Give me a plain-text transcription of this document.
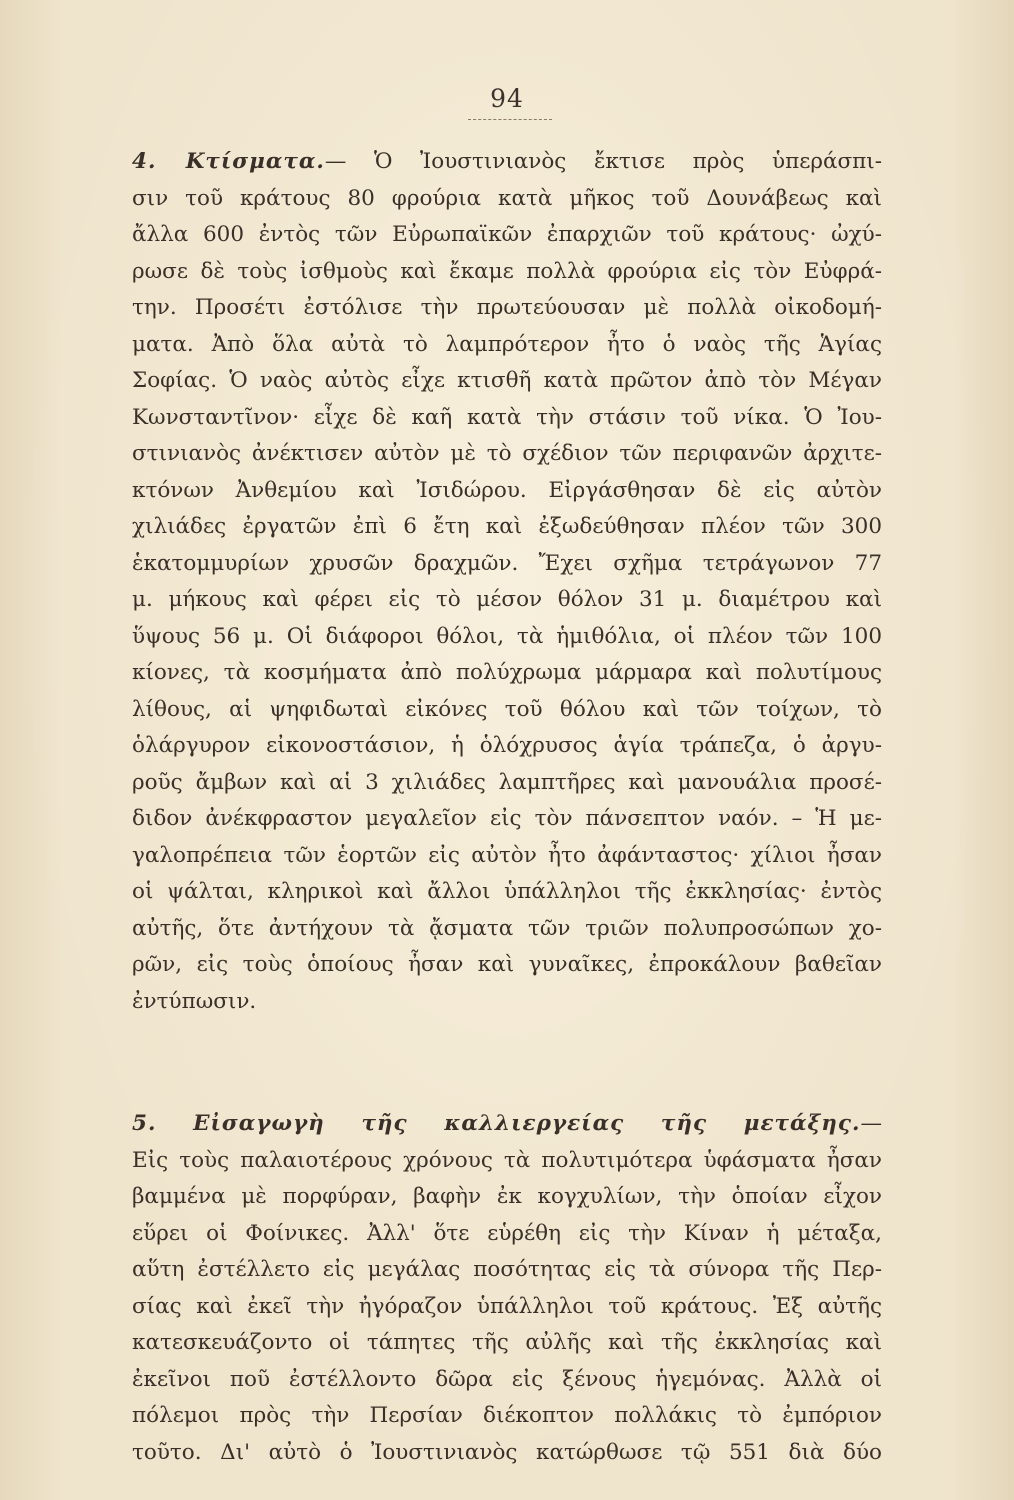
94
4. Κτίσματα.— Ὁ Ἰουστινιανὸς ἔκτισε πρὸς ὑπεράσπι-
σιν τοῦ κράτους 80 φρούρια κατὰ μῆκος τοῦ Δουνάβεως καὶ
ἄλλα 600 ἐντὸς τῶν Εὐρωπαϊκῶν ἐπαρχιῶν τοῦ κράτους· ὠχύ-
ρωσε δὲ τοὺς ἰσθμοὺς καὶ ἔκαμε πολλὰ φρούρια εἰς τὸν Εὐφρά-
την. Προσέτι ἐστόλισε τὴν πρωτεύουσαν μὲ πολλὰ οἰκοδομή-
ματα. Ἀπὸ ὅλα αὐτὰ τὸ λαμπρότερον ἦτο ὁ ναὸς τῆς Ἁγίας
Σοφίας. Ὁ ναὸς αὐτὸς εἶχε κτισθῆ κατὰ πρῶτον ἀπὸ τὸν Μέγαν
Κωνσταντῖνον· εἶχε δὲ καῆ κατὰ τὴν στάσιν τοῦ νίκα. Ὁ Ἰου-
στινιανὸς ἀνέκτισεν αὐτὸν μὲ τὸ σχέδιον τῶν περιφανῶν ἀρχιτε-
κτόνων Ἀνθεμίου καὶ Ἰσιδώρου. Εἰργάσθησαν δὲ εἰς αὐτὸν
χιλιάδες ἐργατῶν ἐπὶ 6 ἔτη καὶ ἐξωδεύθησαν πλέον τῶν 300
ἑκατομμυρίων χρυσῶν δραχμῶν. Ἔχει σχῆμα τετράγωνον 77
μ. μήκους καὶ φέρει εἰς τὸ μέσον θόλον 31 μ. διαμέτρου καὶ
ὕψους 56 μ. Οἱ διάφοροι θόλοι, τὰ ἡμιθόλια, οἱ πλέον τῶν 100
κίονες, τὰ κοσμήματα ἀπὸ πολύχρωμα μάρμαρα καὶ πολυτίμους
λίθους, αἱ ψηφιδωταὶ εἰκόνες τοῦ θόλου καὶ τῶν τοίχων, τὸ
ὁλάργυρον εἰκονοστάσιον, ἡ ὁλόχρυσος ἁγία τράπεζα, ὁ ἀργυ-
ροῦς ἄμβων καὶ αἱ 3 χιλιάδες λαμπτῆρες καὶ μανουάλια προσέ-
διδον ἀνέκφραστον μεγαλεῖον εἰς τὸν πάνσεπτον ναόν. – Ἡ με-
γαλοπρέπεια τῶν ἑορτῶν εἰς αὐτὸν ἦτο ἀφάνταστος· χίλιοι ἦσαν
οἱ ψάλται, κληρικοὶ καὶ ἄλλοι ὑπάλληλοι τῆς ἐκκλησίας· ἐντὸς
αὐτῆς, ὅτε ἀντήχουν τὰ ᾄσματα τῶν τριῶν πολυπροσώπων χο-
ρῶν, εἰς τοὺς ὁποίους ἦσαν καὶ γυναῖκες, ἐπροκάλουν βαθεῖαν
ἐντύπωσιν.
5. Εἰσαγωγὴ τῆς καλλιεργείας τῆς μετάξης.—
Εἰς τοὺς παλαιοτέρους χρόνους τὰ πολυτιμότερα ὑφάσματα ἦσαν
βαμμένα μὲ πορφύραν, βαφὴν ἐκ κογχυλίων, τὴν ὁποίαν εἶχον
εὕρει οἱ Φοίνικες. Ἀλλ' ὅτε εὑρέθη εἰς τὴν Κίναν ἡ μέταξα,
αὕτη ἐστέλλετο εἰς μεγάλας ποσότητας εἰς τὰ σύνορα τῆς Περ-
σίας καὶ ἐκεῖ τὴν ἠγόραζον ὑπάλληλοι τοῦ κράτους. Ἐξ αὐτῆς
κατεσκευάζοντο οἱ τάπητες τῆς αὐλῆς καὶ τῆς ἐκκλησίας καὶ
ἐκεῖνοι ποῦ ἐστέλλοντο δῶρα εἰς ξένους ἡγεμόνας. Ἀλλὰ οἱ
πόλεμοι πρὸς τὴν Περσίαν διέκοπτον πολλάκις τὸ ἐμπόριον
τοῦτο. Δι' αὐτὸ ὁ Ἰουστινιανὸς κατώρθωσε τῷ 551 διὰ δύο
